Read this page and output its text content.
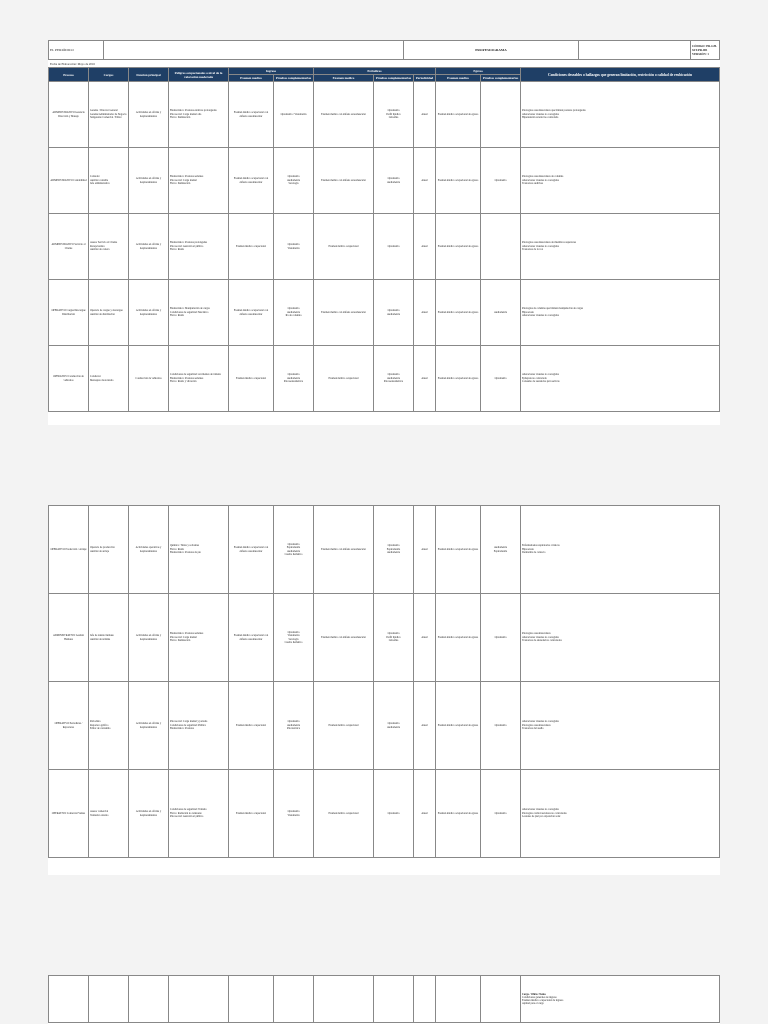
EL PERIÓDICO		PROFESIOGRAMA		
CÓDIGO: PR-GH-SST-PR-001
VERSIÓN: 1
Fecha de Elaboración: Mayo de 2016
Proceso	Cargos	Función principal	Peligros ocupacionales a nivel de la valoración moderada	Ingreso		Periódicos			Egreso		Condiciones deseables o hallazgos que generan limitación, restricción o calidad de reubicación
				Examen medico	Pruebas complementarias	Examen medico	Pruebas complementarias	Periodicidad	Examen medico	Pruebas complementarias	
ADMINISTRATIVO Gerencia Dirección y Manejo	Gerente / Director General
Gerente/Administrador de Negocio
Subgerente Comercial / Editor	Actividades en oficina y desplazamientos	Biomecánico: Posturas estáticas prolongadas
Psicosocial: Carga mental alta
Físico: Iluminación	Examen médico ocupacional con énfasis osteomuscular	Optometría / Visiometría	Examen médico con énfasis osteomuscular	Optometría
Perfil lipídico
Glicemia	Anual	Examen médico ocupacional de egreso		Patologías osteomusculares que limiten posturas prolongadas
Alteraciones visuales no corregidas
Hipertensión arterial no controlada

ADMINISTRATIVO Contabilidad	Contador
Auxiliar contable
Jefe administrativo	Actividades en oficina y desplazamientos	Biomecánico: Posturas sedentes
Psicosocial: Carga mental
Físico: Iluminación	Examen médico ocupacional con énfasis osteomuscular	Optometría
Audiometría
Serología	Examen médico con énfasis osteomuscular	Optometría
Audiometría	Anual	Examen médico ocupacional de egreso	Optometría	Patologías osteomusculares de columna
Alteraciones visuales no corregidas
Trastornos auditivos

ADMINISTRATIVO Servicio al Cliente	Asesor Servicio al Cliente
Recepcionista
Auxiliar de cartera	Actividades en oficina y desplazamientos	Biomecánico: Posturas prolongadas
Psicosocial: Atención al público
Físico: Ruido	Examen médico ocupacional	Optometría
Visiometría	Examen médico ocupacional	Optometría	Anual	Examen médico ocupacional de egreso		Patologías osteomusculares de miembros superiores
Alteraciones visuales no corregidas
Trastornos de la voz

OPERATIVO Cargue/Descargue Distribución	Operario de cargue y descargue
Auxiliar de distribución	Actividades en oficina y desplazamientos	Biomecánico: Manipulación de cargas
Condiciones de seguridad: Mecánico
Físico: Ruido	Examen médico ocupacional con énfasis osteomuscular	Optometría
Audiometría
Rx de columna	Examen médico con énfasis osteomuscular	Optometría
Audiometría	Anual	Examen médico ocupacional de egreso	Audiometría	Patologías de columna que limiten manipulación de cargas
Hipoacusia
Alteraciones visuales no corregidas

OPERATIVO Conducción de vehículos	Conductor
Mensajero motorizado	Conducción de vehículos	Condiciones de seguridad: Accidentes de tránsito
Biomecánico: Posturas sedentes
Físico: Ruido y vibración	Examen médico ocupacional	Optometría
Audiometría
Psicosensométrica	Examen médico ocupacional	Optometría
Audiometría
Psicosensométrica	Anual	Examen médico ocupacional de egreso	Optometría	Alteraciones visuales no corregidas
Epilepsia no controlada
Consumo de sustancias psicoactivas
OPERATIVO Producción / Arriaje	Operario de producción
Auxiliar de arriaje	Actividades operativas y desplazamientos	Químico: Tintas y solventes
Físico: Ruido
Biomecánico: Posturas de pie	Examen médico ocupacional con énfasis osteomuscular	Optometría
Espirometría
Audiometría
Cuadro hemático	Examen médico con énfasis osteomuscular	Optometría
Espirometría
Audiometría	Anual	Examen médico ocupacional de egreso	Audiometría
Espirometría	Enfermedades respiratorias crónicas
Hipoacusia
Dermatitis de contacto

ADMINISTRATIVO Gestión Humana	Jefe de talento humano
Auxiliar de nómina	Actividades en oficina y desplazamientos	Biomecánico: Posturas sedentes
Psicosocial: Carga mental
Físico: Iluminación	Examen médico ocupacional con énfasis osteomuscular	Optometría
Visiometría
Serología
Cuadro hemático	Examen médico con énfasis osteomuscular	Optometría
Perfil lipídico
Glicemia	Anual	Examen médico ocupacional de egreso	Optometría	Patologías osteomusculares
Alteraciones visuales no corregidas
Trastornos de ansiedad no controlados

OPERATIVO Periodistas / Reporteros	Periodista
Reportero gráfico
Editor de contenido	Actividades en oficina y desplazamientos	Psicosocial: Carga mental y jornada
Condiciones de seguridad: Público
Biomecánico: Posturas	Examen médico ocupacional	Optometría
Audiometría
Psicotécnica	Examen médico ocupacional	Optometría
Audiometría	Anual	Examen médico ocupacional de egreso	Optometría	Alteraciones visuales no corregidas
Patologías osteomusculares
Trastornos del sueño

OPERATIVO Comercial Ventas	Asesor comercial
Vendedor externo	Actividades en oficina y desplazamientos	Condiciones de seguridad: Tránsito
Físico: Radiación no ionizante
Psicosocial: Atención al público	Examen médico ocupacional	Optometría
Visiometría	Examen médico ocupacional	Optometría	Anual	Examen médico ocupacional de egreso	Optometría	Alteraciones visuales no corregidas
Patologías cardiovasculares no controladas
Lesiones de piel por exposición solar

Cargo / Oficio: Todos
Condiciones generales de ingreso
Examen médico ocupacional de ingreso
Aptitud para el cargo
